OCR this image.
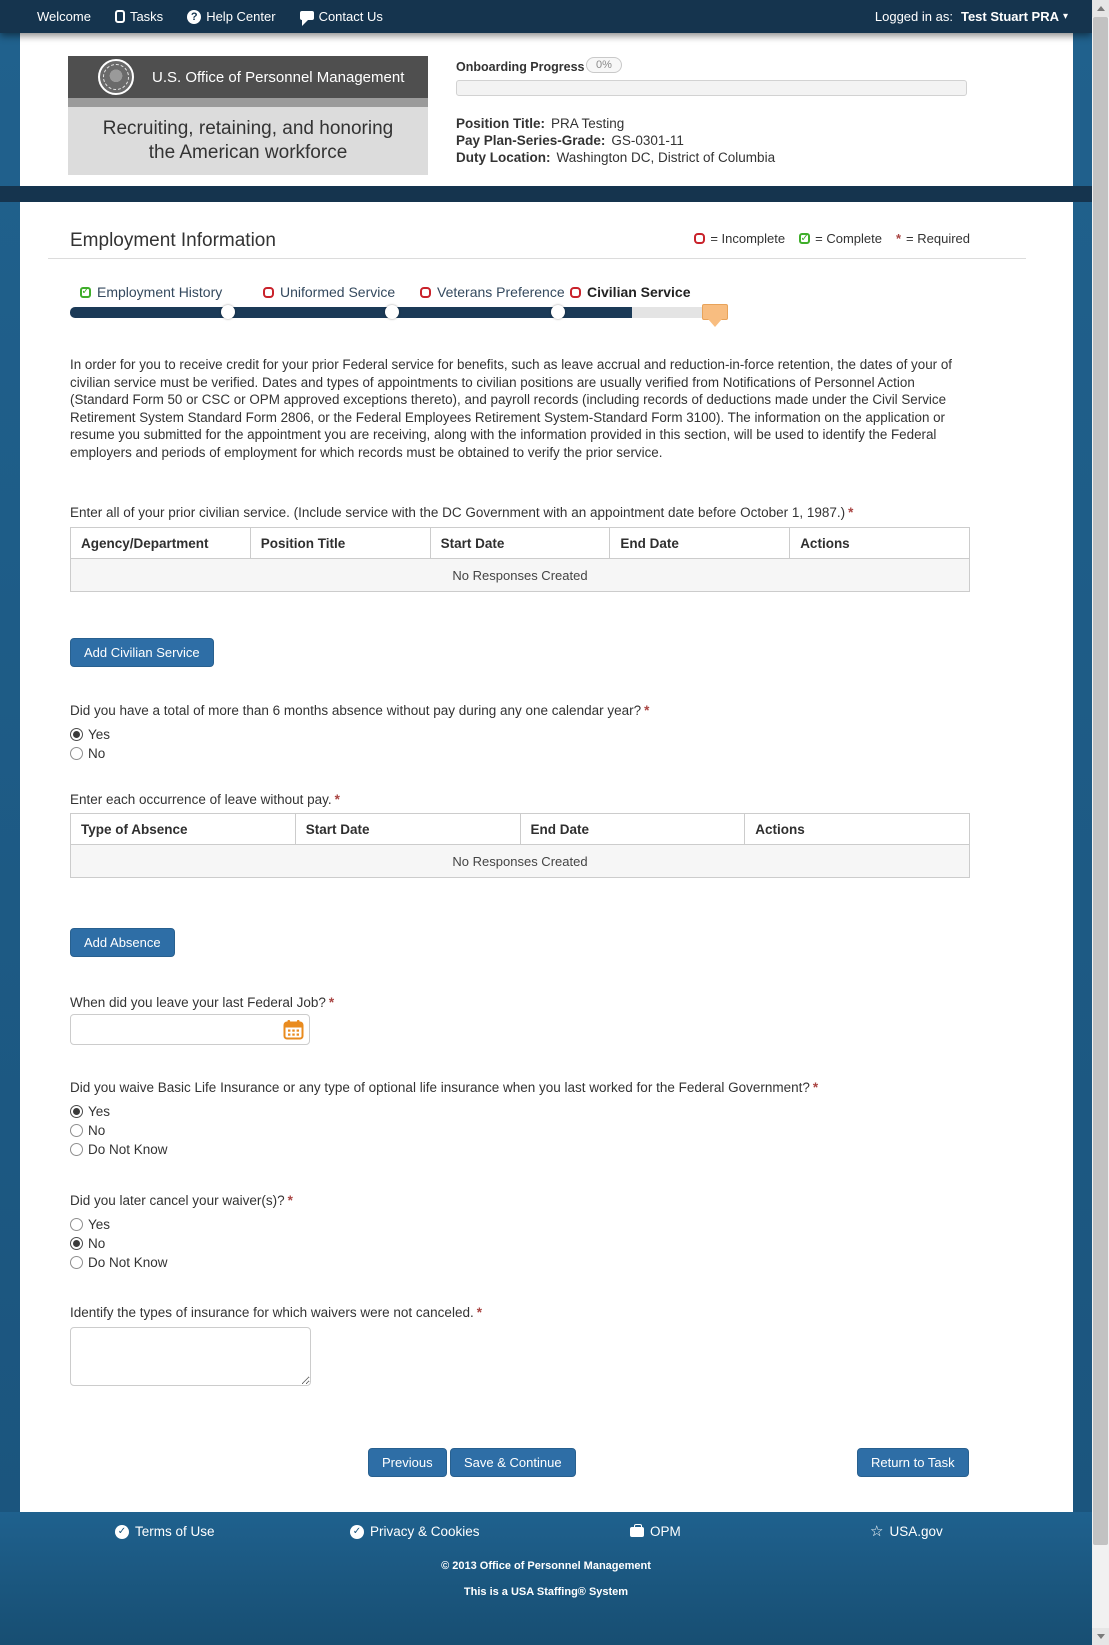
Welcome	Tasks	? Help Center	Contact Us	Logged in as: Test Stuart PRA ▾
U.S. Office of Personnel Management
Recruiting, retaining, and honoring
the American workforce
Onboarding Progress	0%
Position Title: PRA Testing
Pay Plan-Series-Grade: GS-0301-11
Duty Location: Washington DC, District of Columbia
Employment Information	= Incomplete ✓ = Complete * = Required
✓ Employment History	Uniformed Service	Veterans Preference Civilian Service
In order for you to receive credit for your prior Federal service for benefits, such as leave accrual and reduction-in-force retention, the dates of your of civilian service must be verified. Dates and types of appointments to civilian positions are usually verified from Notifications of Personnel Action (Standard Form 50 or CSC or OPM approved exceptions thereto), and payroll records (including records of deductions made under the Civil Service Retirement System Standard Form 2806, or the Federal Employees Retirement System-Standard Form 3100). The information on the application or resume you submitted for the appointment you are receiving, along with the information provided in this section, will be used to identify the Federal employers and periods of employment for which records must be obtained to verify the prior service.
Enter all of your prior civilian service. (Include service with the DC Government with an appointment date before October 1, 1987.) *
Agency/Department	Position Title	Start Date	End Date	Actions
No Responses Created
Add Civilian Service
Did you have a total of more than 6 months absence without pay during any one calendar year? *
Yes
No
Enter each occurrence of leave without pay. *
Type of Absence	Start Date	End Date	Actions
No Responses Created
Add Absence
When did you leave your last Federal Job? *
Did you waive Basic Life Insurance or any type of optional life insurance when you last worked for the Federal Government? *
Yes
No
Do Not Know
Did you later cancel your waiver(s)? *
Yes
No
Do Not Know
Identify the types of insurance for which waivers were not canceled. *
Previous	Save & Continue	Return to Task
✓ Terms of Use	✓ Privacy & Cookies	OPM	☆ USA.gov
© 2013 Office of Personnel Management
This is a USA Staffing® System
